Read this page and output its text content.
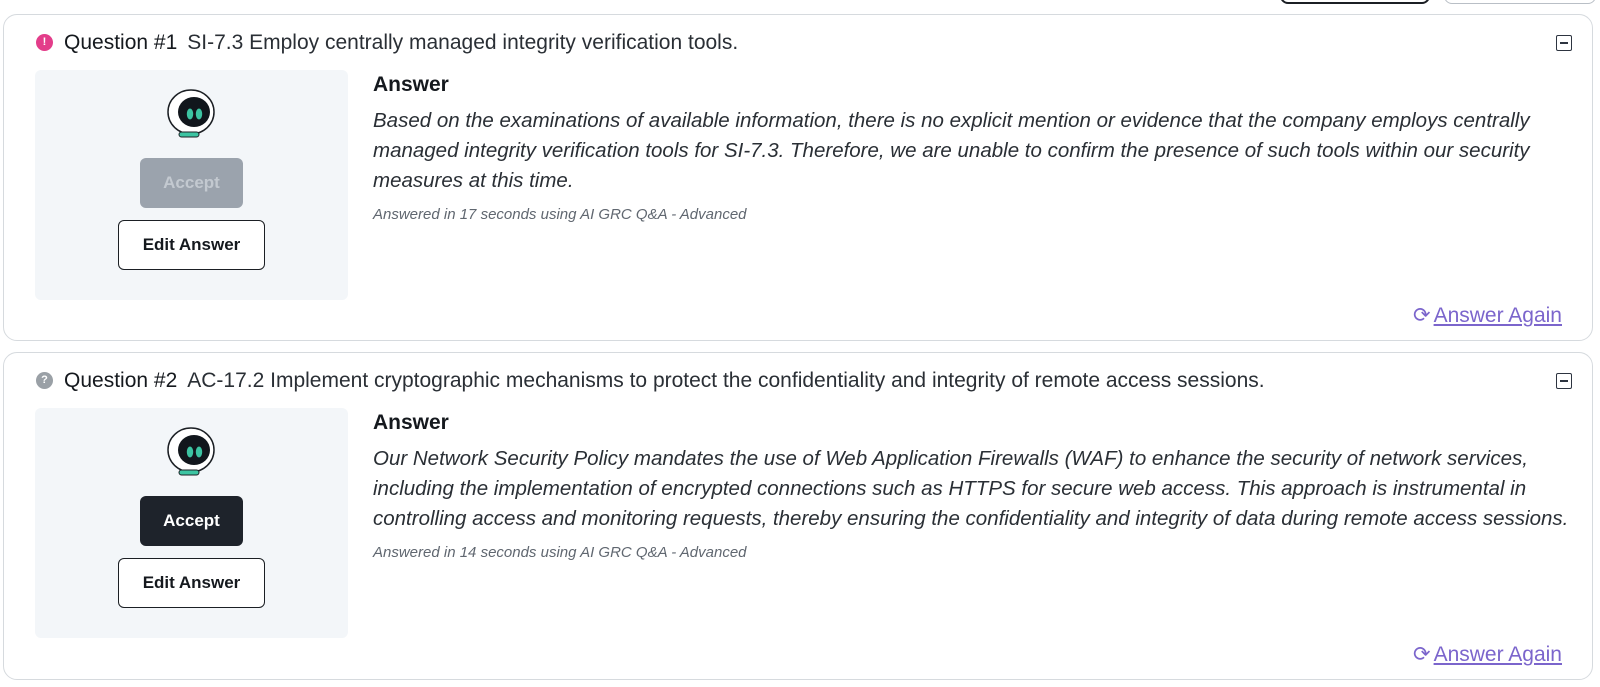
! Question #1 SI-7.3 Employ centrally managed integrity verification tools.
Accept
Edit Answer

Answer

Based on the examinations of available information, there is no explicit mention or evidence that the company employs centrally managed integrity verification tools for SI-7.3. Therefore, we are unable to confirm the presence of such tools within our security measures at this time.

Answered in 17 seconds using AI GRC Q&A - Advanced

⟳ Answer Again
? Question #2 AC-17.2 Implement cryptographic mechanisms to protect the confidentiality and integrity of remote access sessions.
Accept
Edit Answer

Answer

Our Network Security Policy mandates the use of Web Application Firewalls (WAF) to enhance the security of network services, including the implementation of encrypted connections such as HTTPS for secure web access. This approach is instrumental in controlling access and monitoring requests, thereby ensuring the confidentiality and integrity of data during remote access sessions.

Answered in 14 seconds using AI GRC Q&A - Advanced

⟳ Answer Again
